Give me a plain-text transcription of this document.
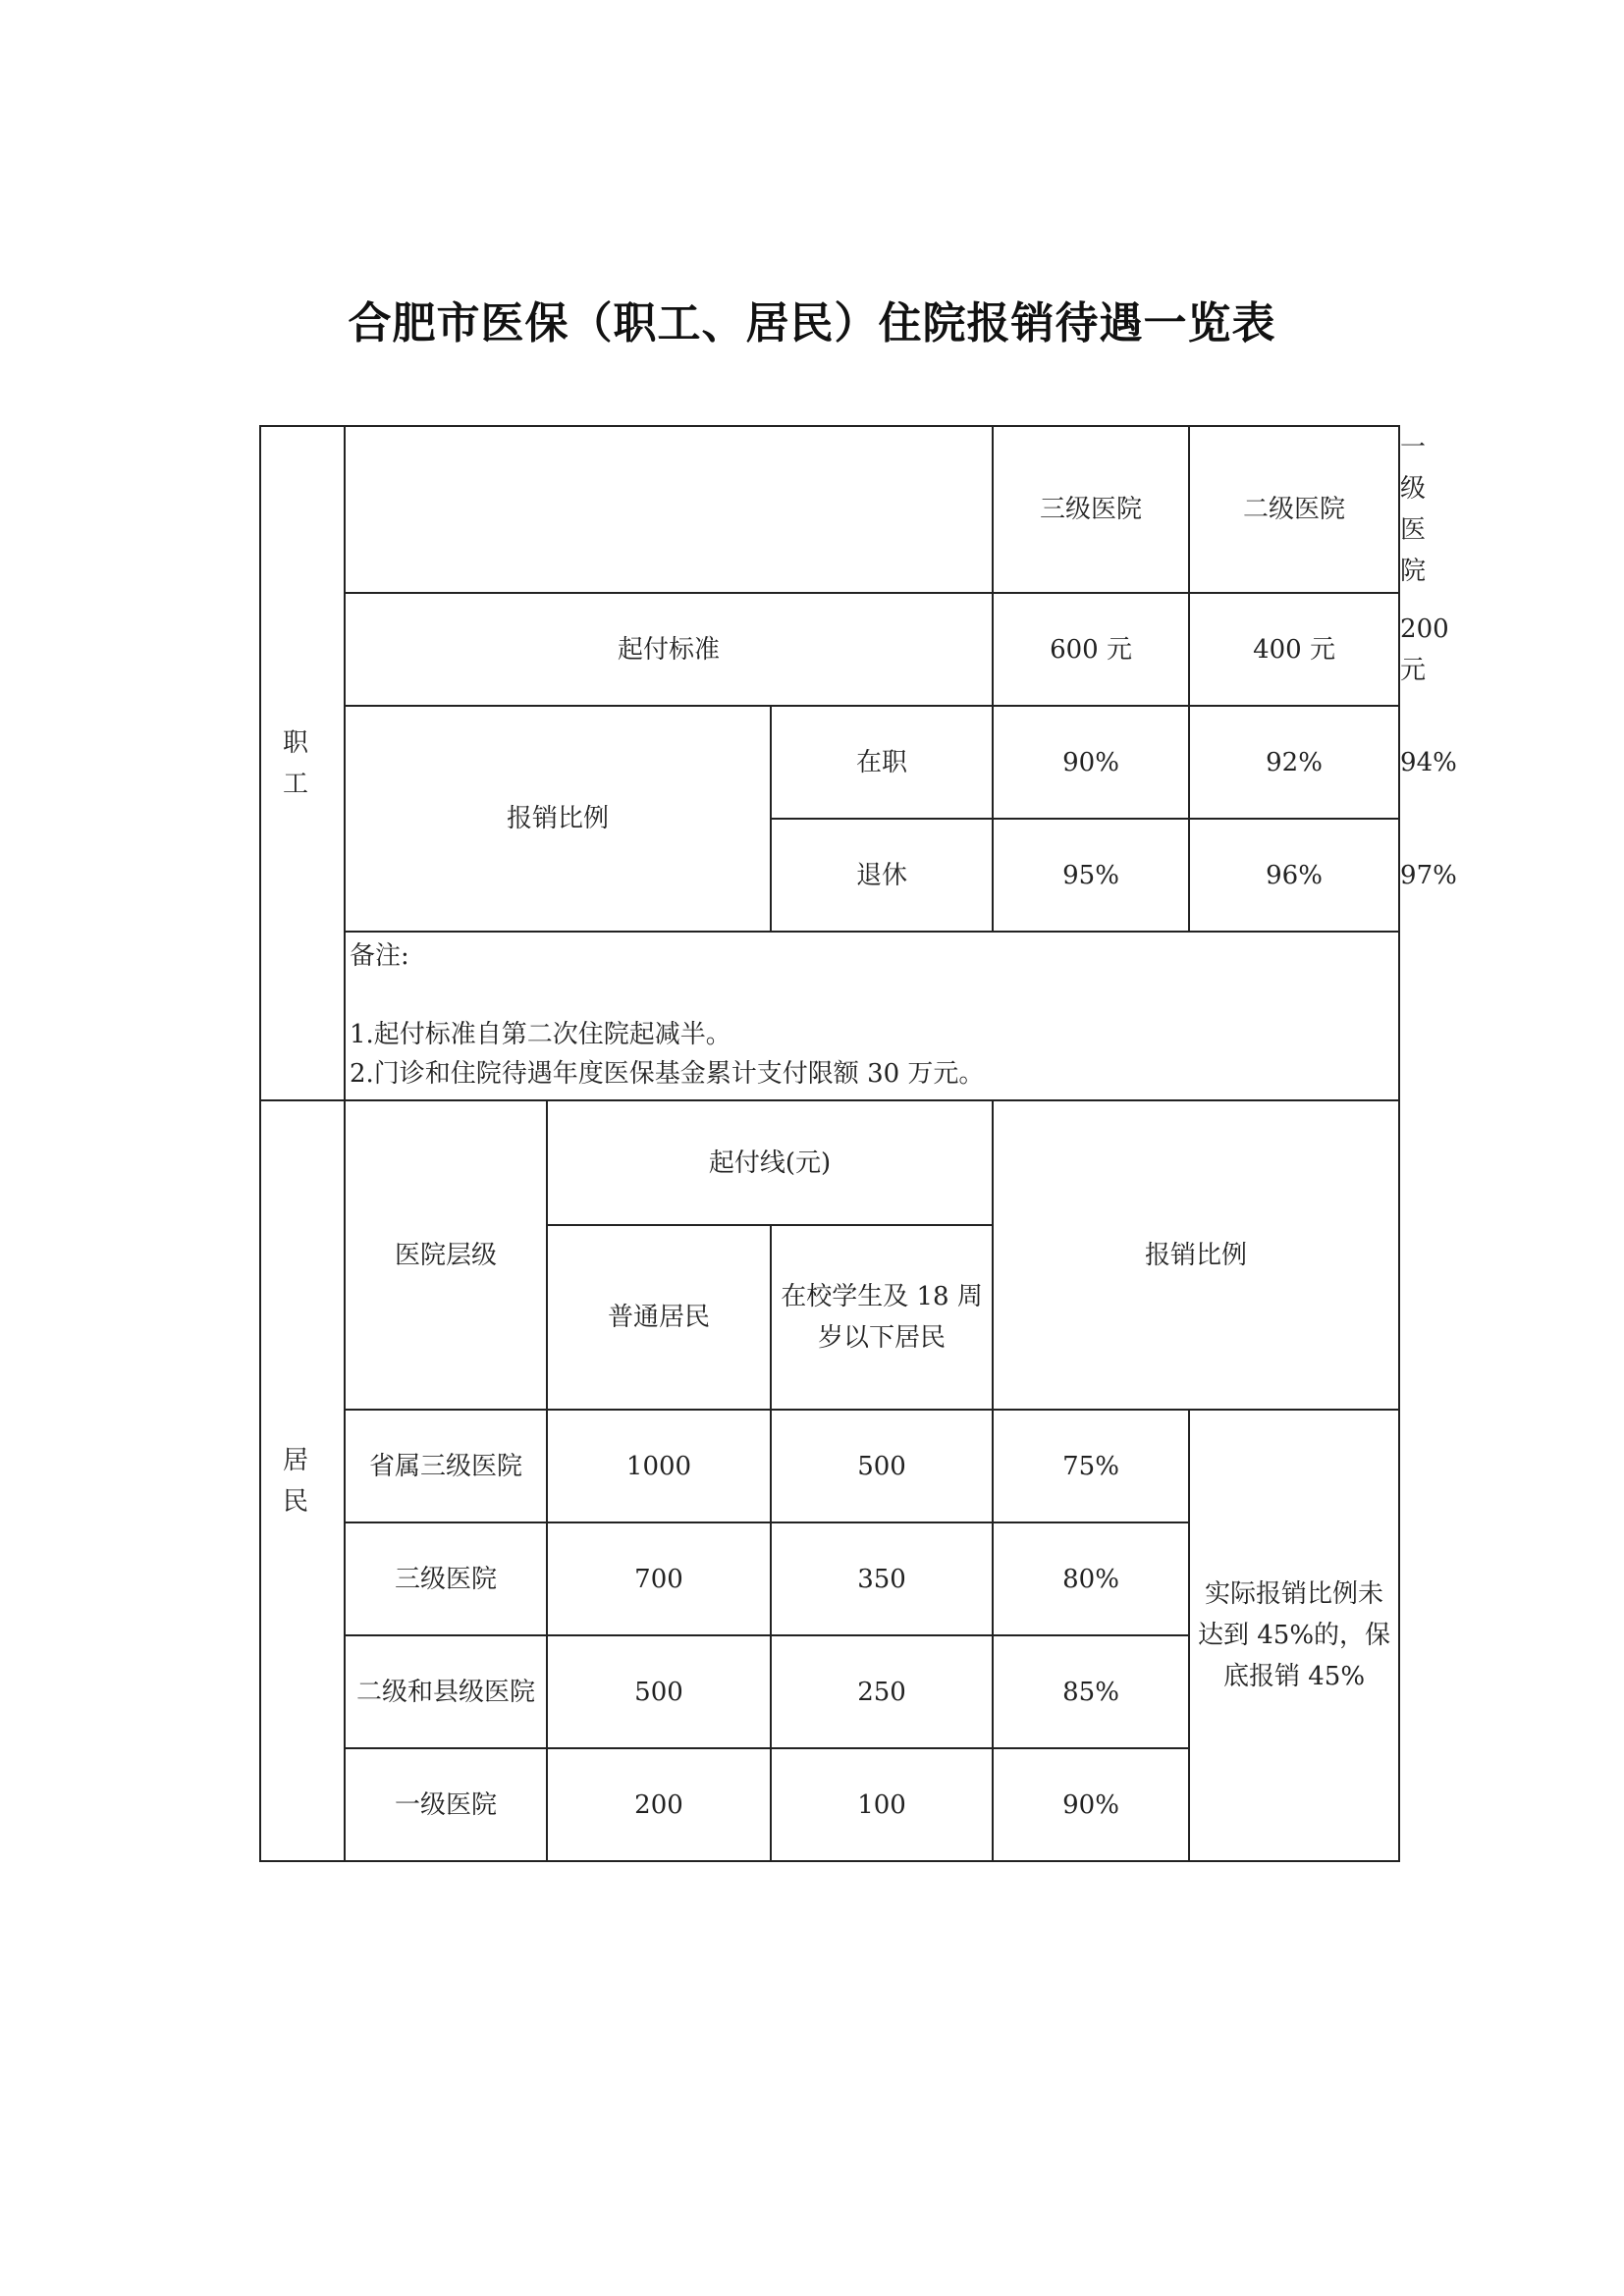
合肥市医保（职工、居民）住院报销待遇一览表
职 工				三级医院	二级医院	一级医院
	起付标准			600 元	400 元	200 元
	报销比例		在职	90%	92%	94%
			退休	95%	96%	97%

	备注:
1.起付标准自第二次住院起减半。
2.门诊和住院待遇年度医保基金累计支付限额 30 万元。					

居 民	医院层级	起付线(元)		报销比例		
		普通居民	在校学生及 18 周岁以下居民			
	省属三级医院	1000	500	75%	实际报销比例未达到 45%的，保底报销 45%	
	三级医院	700	350	80%		
	二级和县级医院	500	250	85%		
	一级医院	200	100	90%		
